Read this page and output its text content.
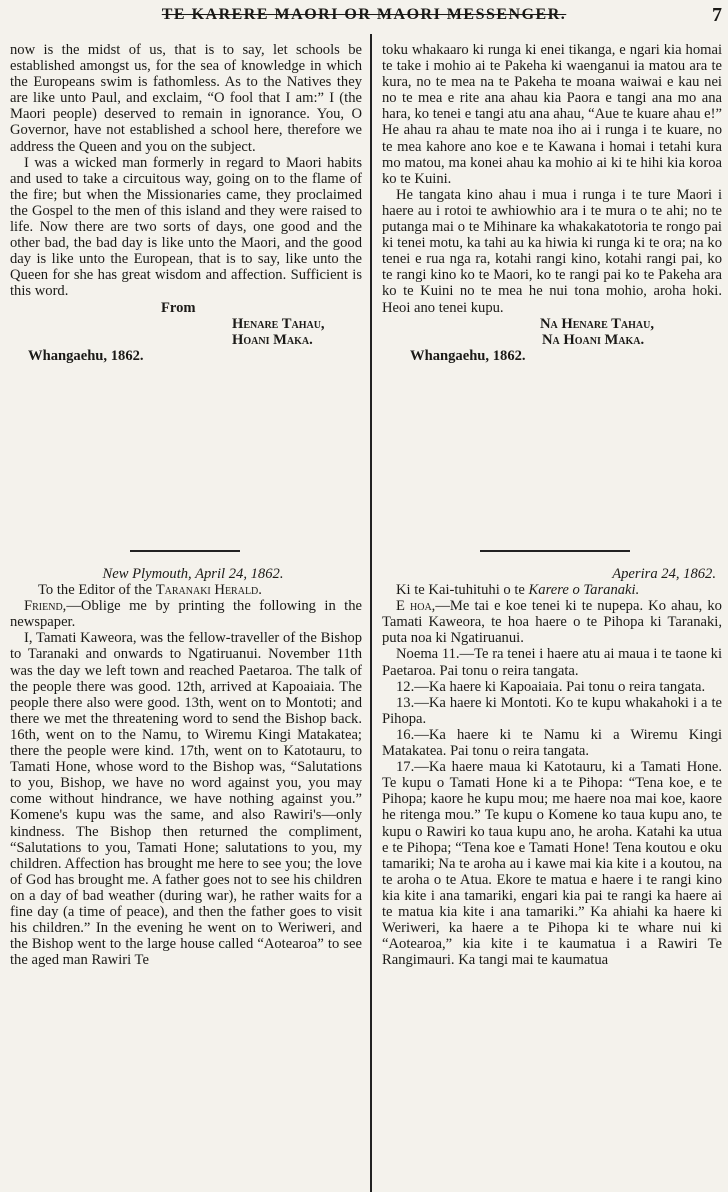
TE KARERE MAORI OR MAORI MESSENGER.	7

now is the midst of us, that is to say, let schools be established amongst us, for the sea of knowledge in which the Europeans swim is fathomless. As to the Natives they are like unto Paul, and exclaim, “O fool that I am:” I (the Maori people) deserved to remain in ignorance. You, O Governor, have not established a school here, therefore we address the Queen and you on the subject.

I was a wicked man formerly in regard to Maori habits and used to take a circuitous way, going on to the flame of the fire; but when the Missionaries came, they proclaimed the Gospel to the men of this island and they were raised to life. Now there are two sorts of days, one good and the other bad, the bad day is like unto the Maori, and the good day is like unto the European, that is to say, like unto the Queen for she has great wisdom and affection. Sufficient is this word.

From

Henare Tahau,

Hoani Maka.

Whangaehu, 1862.

toku whakaaro ki runga ki enei tikanga, e ngari kia homai te take i mohio ai te Pakeha ki waenganui ia matou ara te kura, no te mea na te Pakeha te moana waiwai e kau nei no te mea e rite ana ahau kia Paora e tangi ana mo ana hara, ko tenei e tangi atu ana ahau, “Aue te kuare ahau e!” He ahau ra ahau te mate noa iho ai i runga i te kuare, no te mea kahore ano koe e te Kawana i homai i tetahi kura mo matou, ma konei ahau ka mohio ai ki te hihi kia koroa ko te Kuini.

He tangata kino ahau i mua i runga i te ture Maori i haere au i rotoi te awhiowhio ara i te mura o te ahi; no te putanga mai o te Mihinare ka whakakatotoria te rongo pai ki tenei motu, ka tahi au ka hiwia ki runga ki te ora; na ko tenei e rua nga ra, kotahi rangi kino, kotahi rangi pai, ko te rangi kino ko te Maori, ko te rangi pai ko te Pakeha ara ko te Kuini no te mea he nui tona mohio, aroha hoki. Heoi ano tenei kupu.

Na Henare Tahau,

Na Hoani Maka.

Whangaehu, 1862.

New Plymouth, April 24, 1862.

To the Editor of the Taranaki Herald.

Friend,—Oblige me by printing the following in the newspaper.

I, Tamati Kaweora, was the fellow-traveller of the Bishop to Taranaki and onwards to Ngatiruanui. November 11th was the day we left town and reached Paetaroa. The talk of the people there was good. 12th, arrived at Kapoaiaia. The people there also were good. 13th, went on to Montoti; and there we met the threatening word to send the Bishop back. 16th, went on to the Namu, to Wiremu Kingi Matakatea; there the people were kind. 17th, went on to Katotauru, to Tamati Hone, whose word to the Bishop was, “Salutations to you, Bishop, we have no word against you, you may come without hindrance, we have nothing against you.” Komene's kupu was the same, and also Rawiri's—only kindness. The Bishop then returned the compliment, “Salutations to you, Tamati Hone; salutations to you, my children. Affection has brought me here to see you; the love of God has brought me. A father goes not to see his children on a day of bad weather (during war), he rather waits for a fine day (a time of peace), and then the father goes to visit his children.” In the evening he went on to Weriweri, and the Bishop went to the large house called “Aotearoa” to see the aged man Rawiri Te

Aperira 24, 1862.

Ki te Kai-tuhituhi o te Karere o Taranaki.

E hoa,—Me tai e koe tenei ki te nupepa. Ko ahau, ko Tamati Kaweora, te hoa haere o te Pihopa ki Taranaki, puta noa ki Ngatiruanui.

Noema 11.—Te ra tenei i haere atu ai maua i te taone ki Paetaroa. Pai tonu o reira tangata.

12.—Ka haere ki Kapoaiaia. Pai tonu o reira tangata.

13.—Ka haere ki Montoti. Ko te kupu whakahoki i a te Pihopa.

16.—Ka haere ki te Namu ki a Wiremu Kingi Matakatea. Pai tonu o reira tangata.

17.—Ka haere maua ki Katotauru, ki a Tamati Hone. Te kupu o Tamati Hone ki a te Pihopa: “Tena koe, e te Pihopa; kaore he kupu mou; me haere noa mai koe, kaore he ritenga mou.” Te kupu o Komene ko taua kupu ano, te kupu o Rawiri ko taua kupu ano, he aroha. Katahi ka utua e te Pihopa; “Tena koe e Tamati Hone! Tena koutou e oku tamariki; Na te aroha au i kawe mai kia kite i a koutou, na te aroha o te Atua. Ekore te matua e haere i te rangi kino kia kite i ana tamariki, engari kia pai te rangi ka haere ai te matua kia kite i ana tamariki.” Ka ahiahi ka haere ki Weriweri, ka haere a te Pihopa ki te whare nui ki “Aotearoa,” kia kite i te kaumatua i a Rawiri Te Rangimauri. Ka tangi mai te kaumatua
